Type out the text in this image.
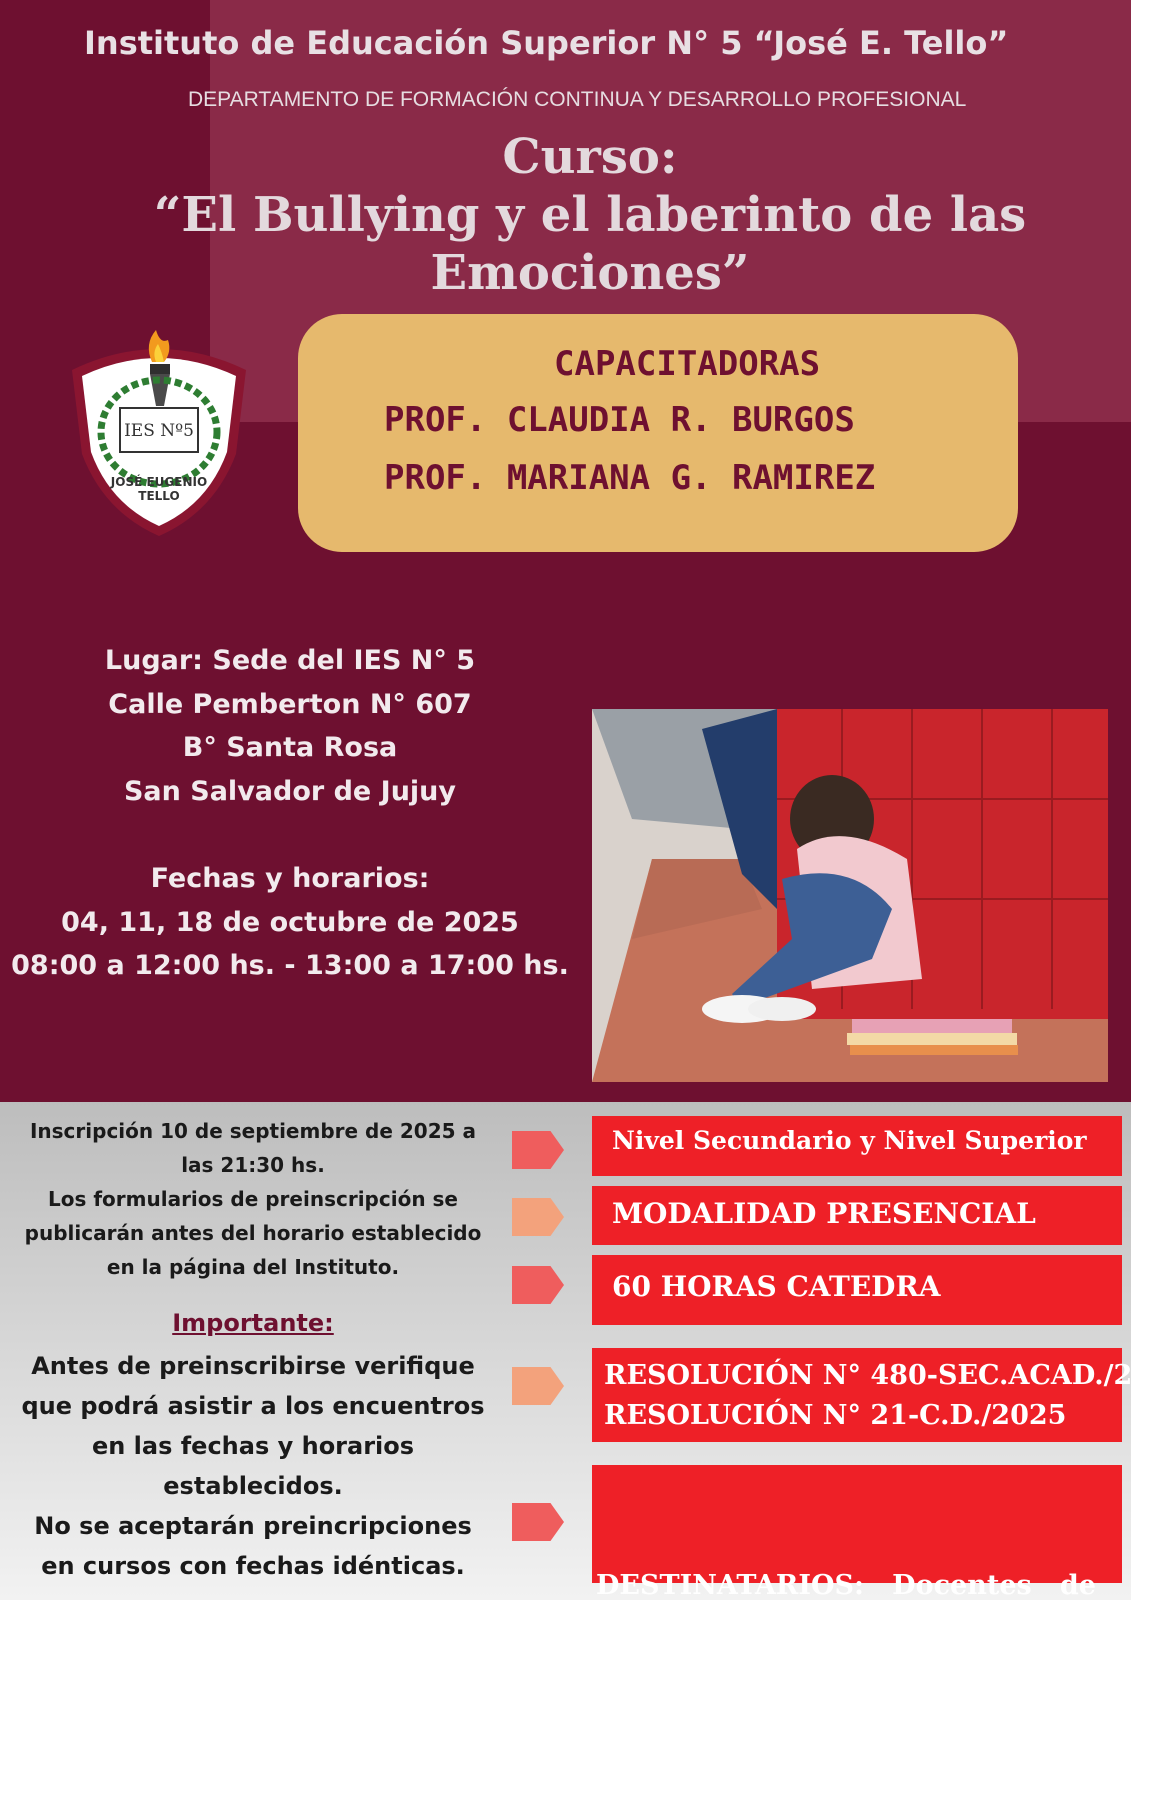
Instituto de Educación Superior N° 5 “José E. Tello”
DEPARTAMENTO DE FORMACIÓN CONTINUA Y DESARROLLO PROFESIONAL
Curso:
“El Bullying y el laberinto de las
Emociones”
IES Nº5
JOSÉ EUGENIO
TELLO
CAPACITADORAS
PROF. CLAUDIA R. BURGOS
PROF. MARIANA G. RAMIREZ
Lugar: Sede del IES N° 5
Calle Pemberton N° 607
B° Santa Rosa
San Salvador de Jujuy
Fechas y horarios:
04, 11, 18 de octubre de 2025
08:00 a 12:00 hs. - 13:00 a 17:00 hs.
Inscripción 10 de septiembre de 2025 a
las 21:30 hs.
Los formularios de preinscripción se
publicarán antes del horario establecido
en la página del Instituto.
Importante:
Antes de preinscribirse verifique
que podrá asistir a los encuentros
en las fechas y horarios
establecidos.
No se aceptarán preincripciones
en cursos con fechas idénticas.
Nivel Secundario y Nivel Superior
MODALIDAD PRESENCIAL
60 HORAS CATEDRA
RESOLUCIÓN N° 480-SEC.ACAD./25
RESOLUCIÓN N° 21-C.D./2025

DESTINATARIOS:   Docentes   de

todas las disciplinas.
